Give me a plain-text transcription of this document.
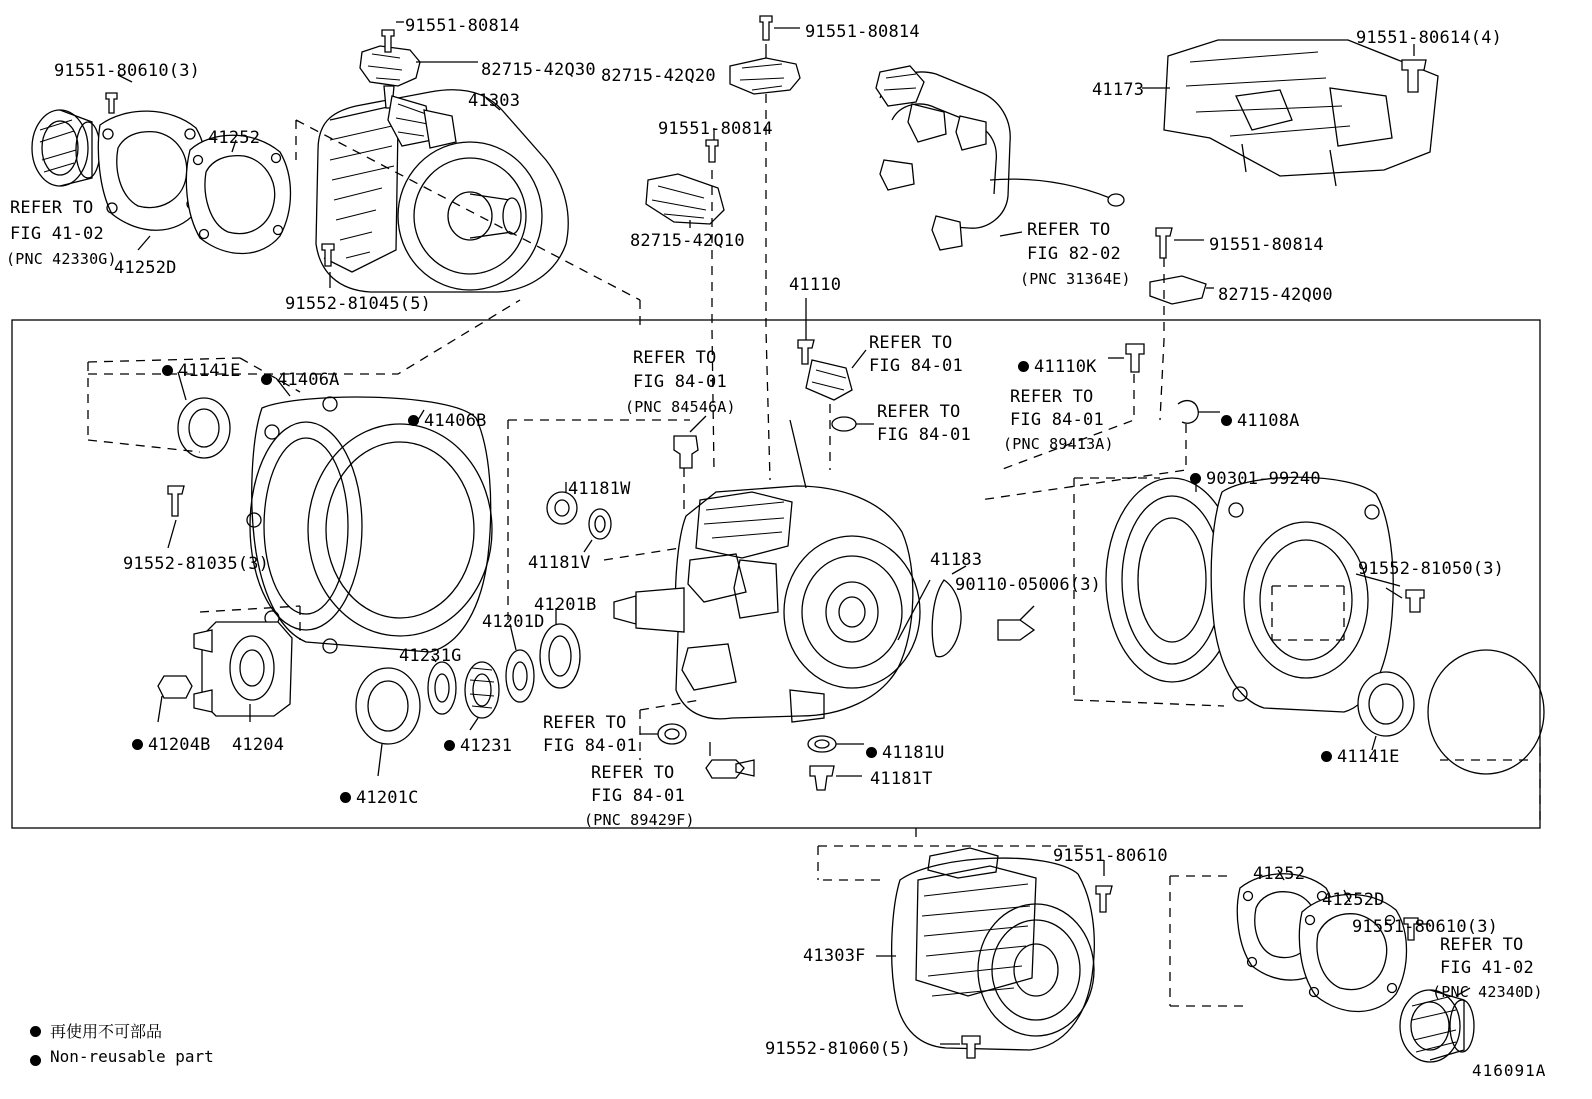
91551-80814	91551-80814	91551-80614(4)
91551-80610(3)	82715-42Q30 82715-42Q20
41173
41303
91551-80814
41252
REFER TO
FIG 41-02
(PNC 42330G)
41252D
82715-42Q10
REFER TO
FIG 82-02
(PNC 31364E)
91551-80814
82715-42Q00
91552-81045(5)
41110
REFER TO
FIG 84-01
REFER TO
FIG 84-01
(PNC 84546A)
41110K
REFER TO
FIG 84-01
(PNC 89413A)
41108A
REFER TO
FIG 84-01
41141E 41406A
41406B
90301-99240
41181W
41181V
91552-81035(3)	41183	91552-81050(3)
90110-05006(3)
41201B
41201D
41231G
41204B 41204	41231
REFER TO
FIG 84-01	41181U	41141E
REFER TO
FIG 84-01
(PNC 89429F)
41181T
41201C
91551-80610
41252
41252D
91551-80610(3)
REFER TO
FIG 41-02
(PNC 42340D)
41303F
91552-81060(5)
再使用不可部品
Non-reusable part
416091A
